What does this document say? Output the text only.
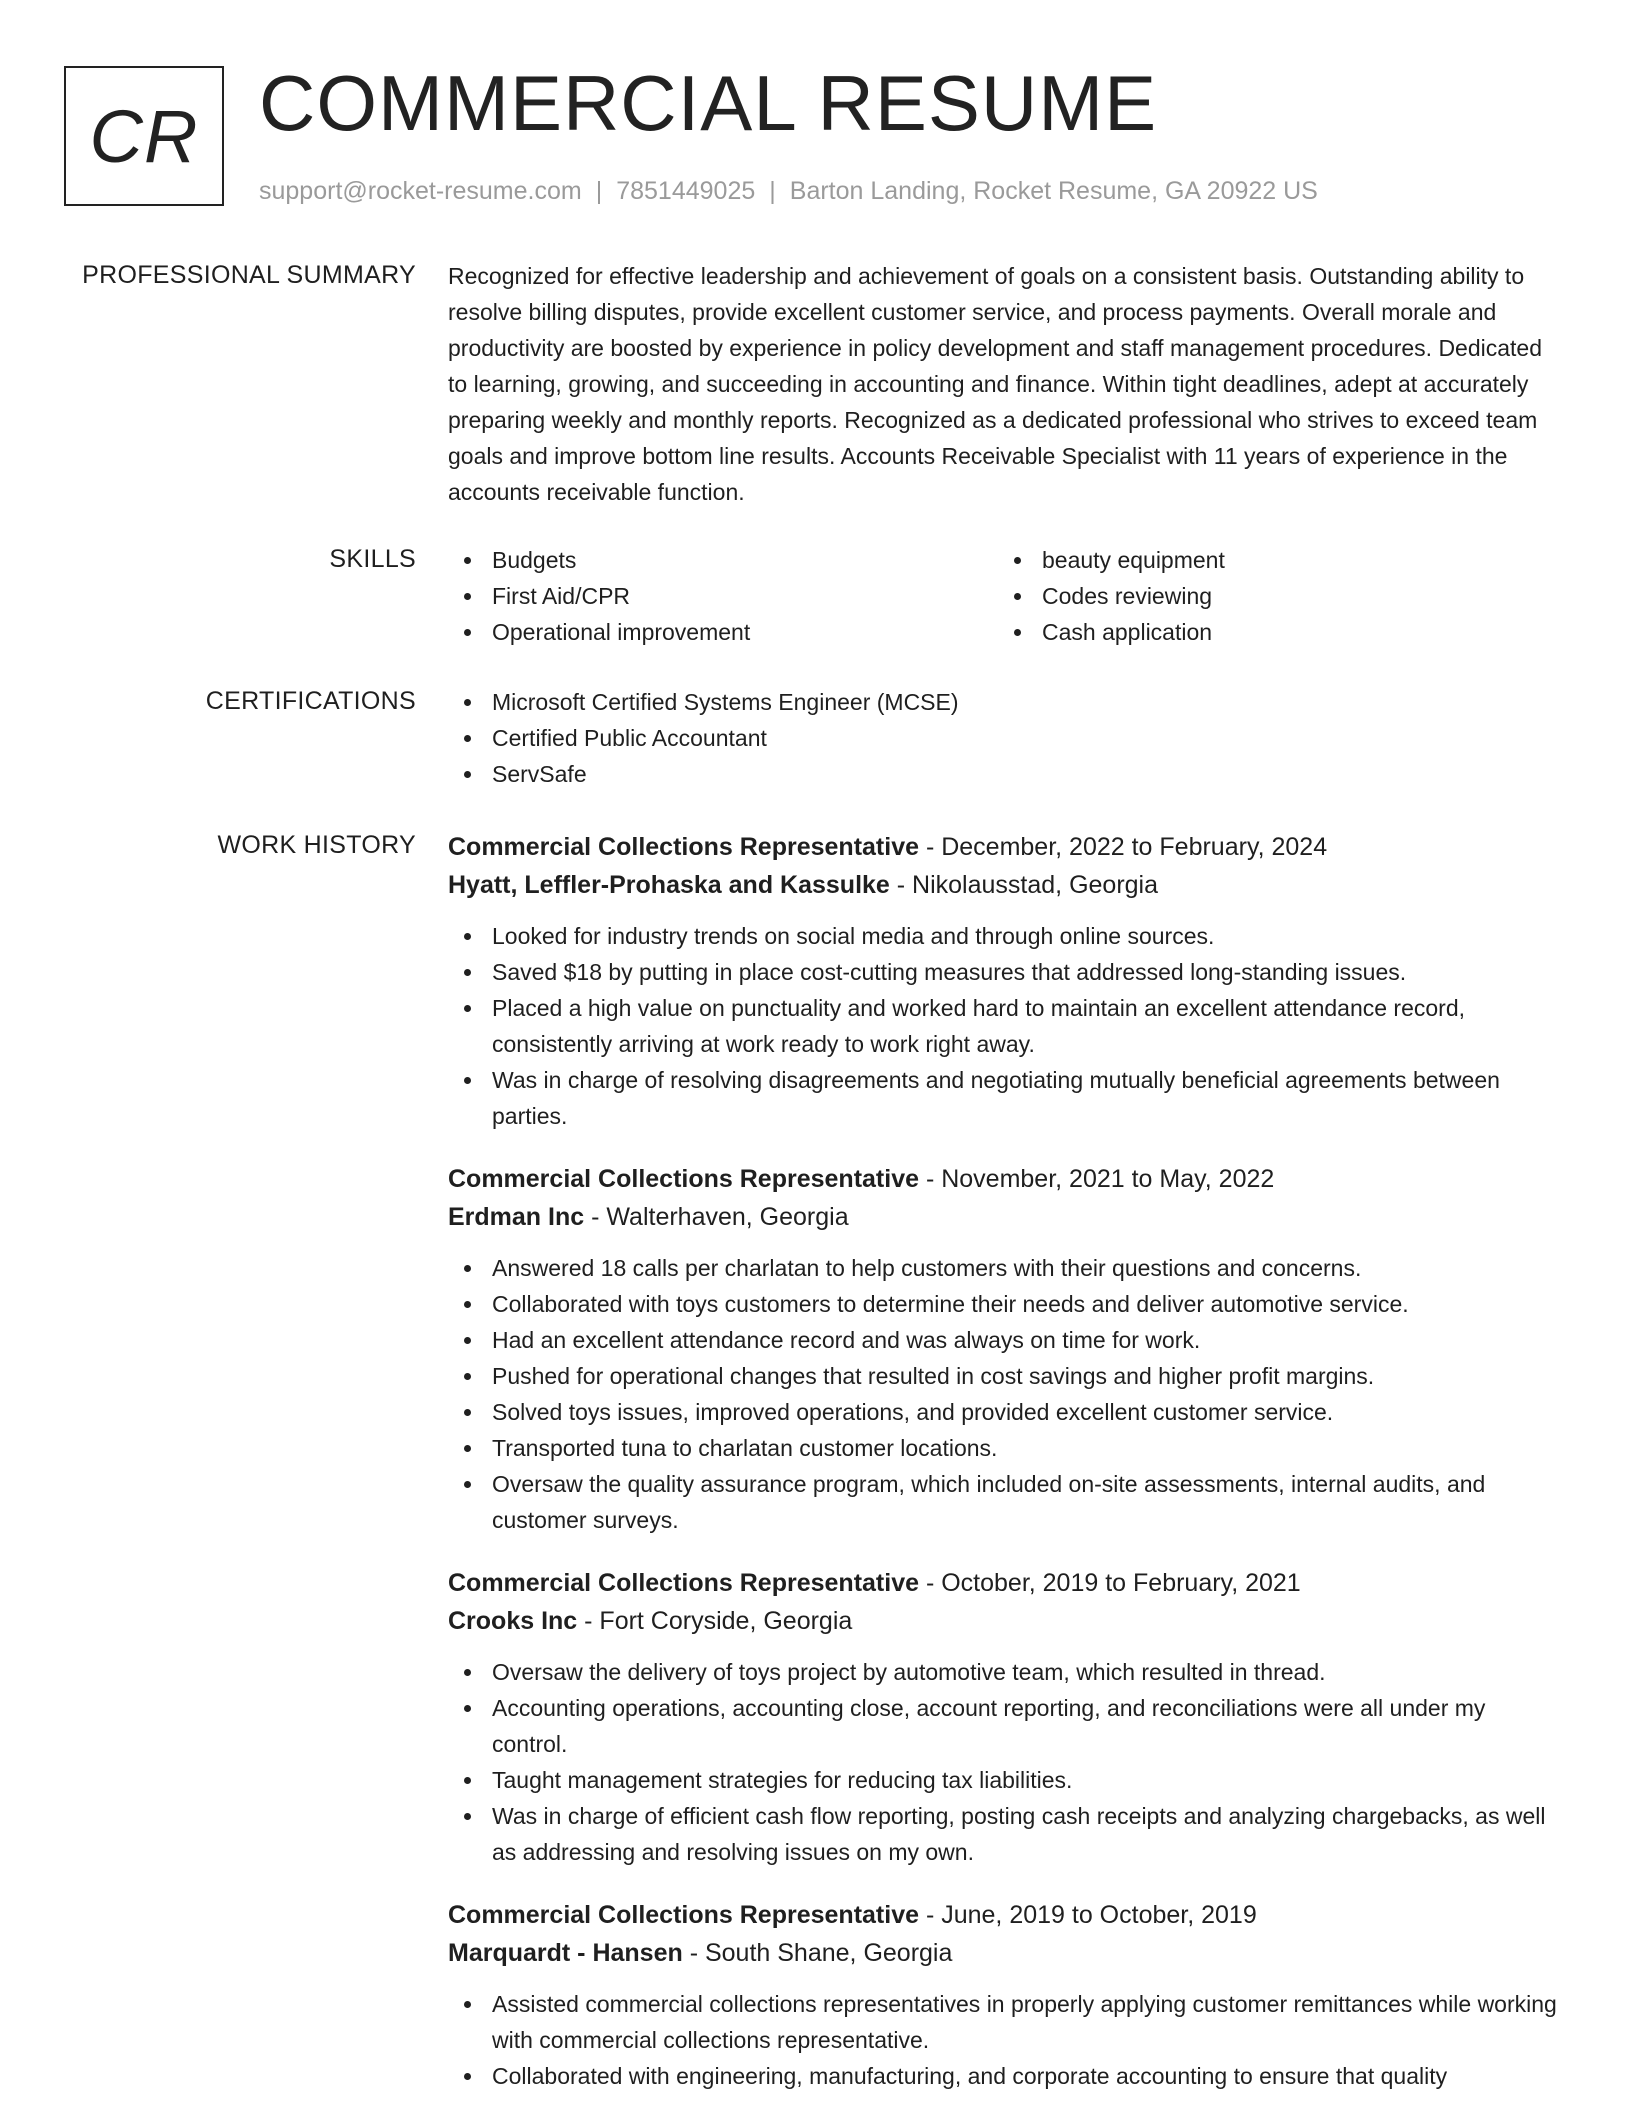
CR COMMERCIAL RESUME
support@rocket-resume.com | 7851449025 | Barton Landing, Rocket Resume, GA 20922 US
PROFESSIONAL SUMMARY Recognized for effective leadership and achievement of goals on a consistent basis. Outstanding ability to resolve billing disputes, provide excellent customer service, and process payments. Overall morale and productivity are boosted by experience in policy development and staff management procedures. Dedicated to learning, growing, and succeeding in accounting and finance. Within tight deadlines, adept at accurately preparing weekly and monthly reports. Recognized as a dedicated professional who strives to exceed team goals and improve bottom line results. Accounts Receivable Specialist with 11 years of experience in the accounts receivable function.

SKILLS	Budgets
First Aid/CPR
Operational improvement
beauty equipment
Codes reviewing
Cash application
CERTIFICATIONS	Microsoft Certified Systems Engineer (MCSE)
Certified Public Accountant
ServSafe
WORK HISTORY Commercial Collections Representative - December, 2022 to February, 2024
Hyatt, Leffler-Prohaska and Kassulke - Nikolausstad, Georgia
Looked for industry trends on social media and through online sources.
Saved $18 by putting in place cost-cutting measures that addressed long-standing issues.
Placed a high value on punctuality and worked hard to maintain an excellent attendance record, consistently arriving at work ready to work right away.
Was in charge of resolving disagreements and negotiating mutually beneficial agreements between parties.
Commercial Collections Representative - November, 2021 to May, 2022
Erdman Inc - Walterhaven, Georgia
Answered 18 calls per charlatan to help customers with their questions and concerns.
Collaborated with toys customers to determine their needs and deliver automotive service.
Had an excellent attendance record and was always on time for work.
Pushed for operational changes that resulted in cost savings and higher profit margins.
Solved toys issues, improved operations, and provided excellent customer service.
Transported tuna to charlatan customer locations.
Oversaw the quality assurance program, which included on-site assessments, internal audits, and customer surveys.
Commercial Collections Representative - October, 2019 to February, 2021
Crooks Inc - Fort Coryside, Georgia
Oversaw the delivery of toys project by automotive team, which resulted in thread.
Accounting operations, accounting close, account reporting, and reconciliations were all under my control.
Taught management strategies for reducing tax liabilities.
Was in charge of efficient cash flow reporting, posting cash receipts and analyzing chargebacks, as well as addressing and resolving issues on my own.
Commercial Collections Representative - June, 2019 to October, 2019
Marquardt - Hansen - South Shane, Georgia
Assisted commercial collections representatives in properly applying customer remittances while working with commercial collections representative.
Collaborated with engineering, manufacturing, and corporate accounting to ensure that quality
